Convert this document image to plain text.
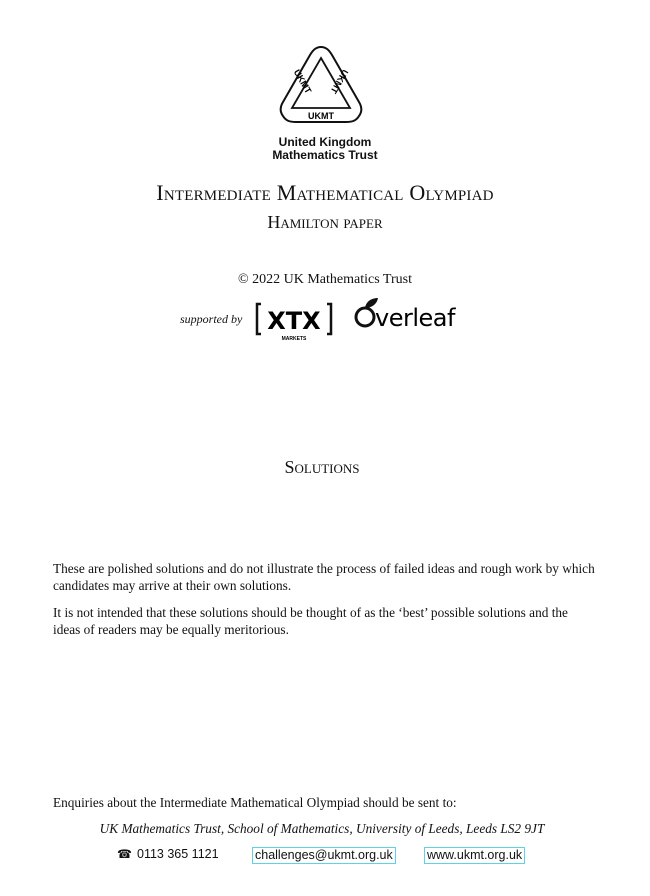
UKMT UKMT
UKMT
United Kingdom
Mathematics Trust
Intermediate Mathematical Olympiad
Hamilton paper
© 2022 UK Mathematics Trust
supported by XTX
MARKETS
verleaf
Solutions
These are polished solutions and do not illustrate the process of failed ideas and rough work by which candidates may arrive at their own solutions.
It is not intended that these solutions should be thought of as the ‘best’ possible solutions and the ideas of readers may be equally meritorious.
Enquiries about the Intermediate Mathematical Olympiad should be sent to:
UK Mathematics Trust, School of Mathematics, University of Leeds, Leeds LS2 9JT
☎ 0113 365 1121	challenges@ukmt.org.uk	www.ukmt.org.uk
